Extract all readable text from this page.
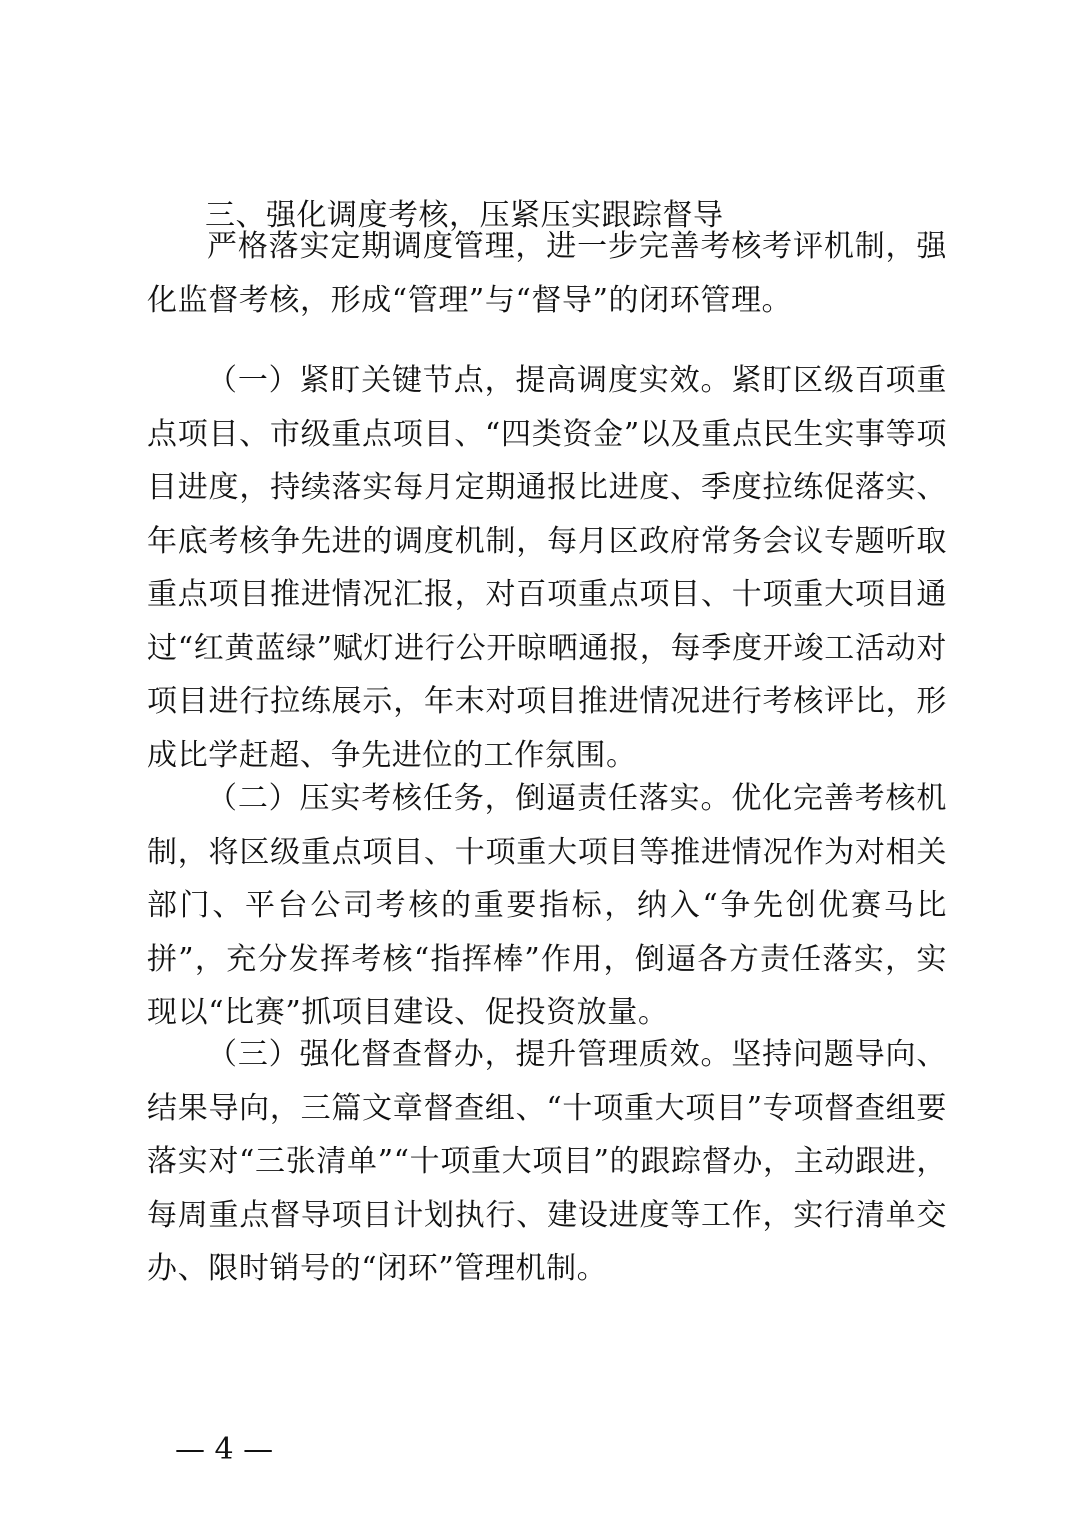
三、强化调度考核，压紧压实跟踪督导

严格落实定期调度管理，进一步完善考核考评机制，强化监督考核，形成“管理”与“督导”的闭环管理。

（一）紧盯关键节点，提高调度实效。紧盯区级百项重点项目、市级重点项目、“四类资金”以及重点民生实事等项目进度，持续落实每月定期通报比进度、季度拉练促落实、年底考核争先进的调度机制，每月区政府常务会议专题听取重点项目推进情况汇报，对百项重点项目、十项重大项目通过“红黄蓝绿”赋灯进行公开晾晒通报，每季度开竣工活动对项目进行拉练展示，年末对项目推进情况进行考核评比，形成比学赶超、争先进位的工作氛围。

（二）压实考核任务，倒逼责任落实。优化完善考核机制，将区级重点项目、十项重大项目等推进情况作为对相关部门、平台公司考核的重要指标，纳入“争先创优赛马比拼”，充分发挥考核“指挥棒”作用，倒逼各方责任落实，实现以“比赛”抓项目建设、促投资放量。

（三）强化督查督办，提升管理质效。坚持问题导向、结果导向，三篇文章督查组、“十项重大项目”专项督查组要落实对“三张清单”“十项重大项目”的跟踪督办，主动跟进，每周重点督导项目计划执行、建设进度等工作，实行清单交办、限时销号的“闭环”管理机制。

— 4 —
